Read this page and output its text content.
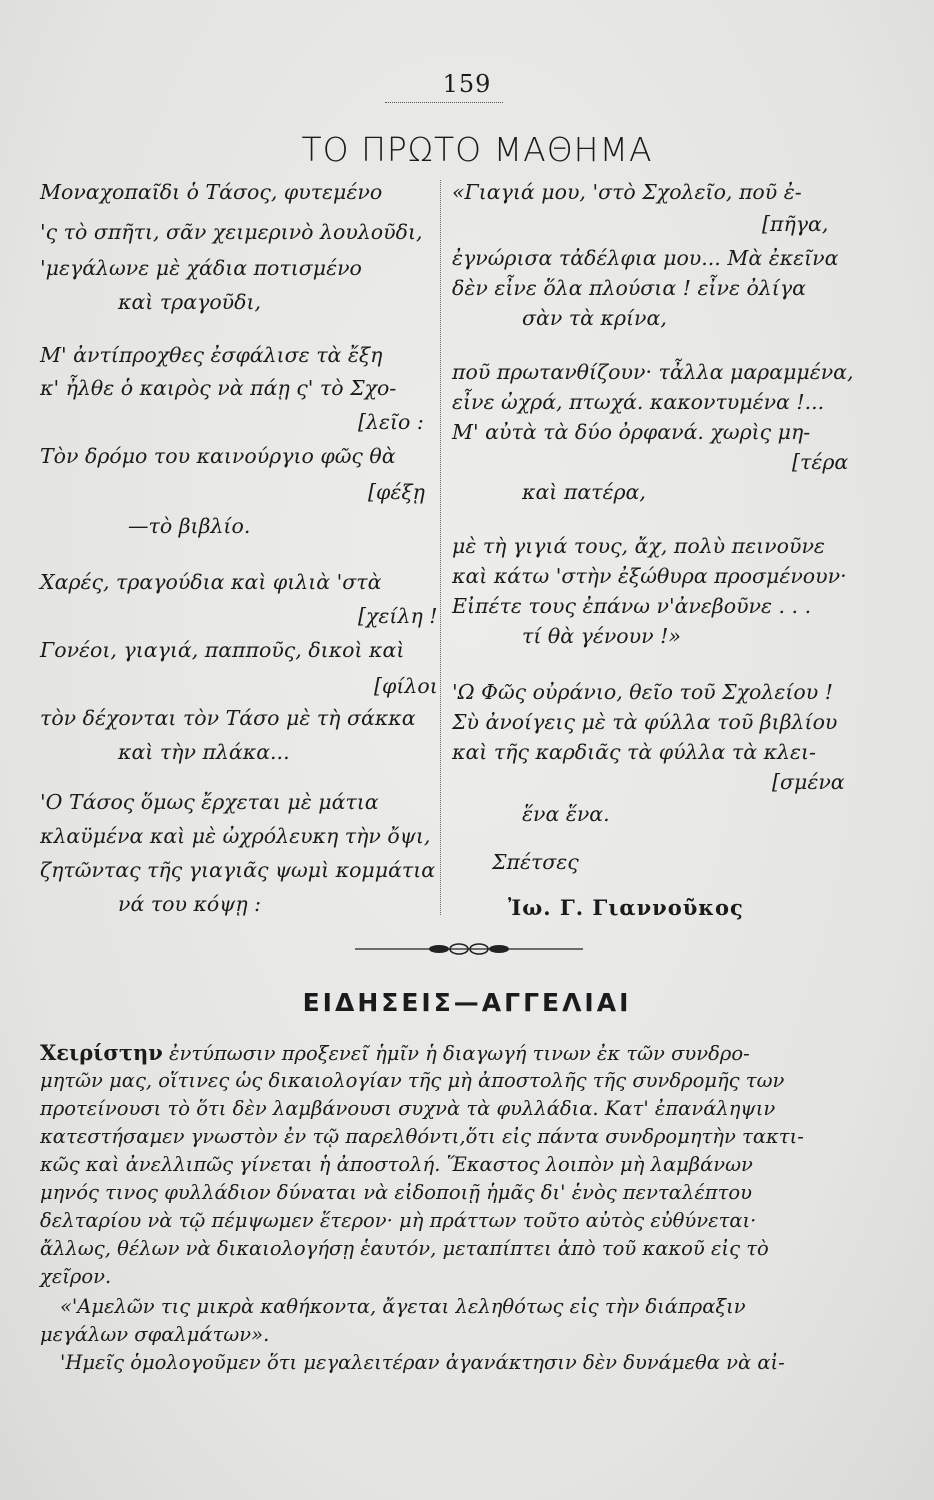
159
ΤΟ ΠΡΩΤΟ ΜΑΘΗΜΑ
Μοναχοπαῖδι ὁ Τάσος, φυτεμένο
'ς τὸ σπῆτι, σᾶν χειμερινὸ λουλοῦδι,
'μεγάλωνε μὲ χάδια ποτισμένο
καὶ τραγοῦδι,
Μ' ἀντίπροχθες ἐσφάλισε τὰ ἔξη
κ' ἦλθε ὁ καιρὸς νὰ πάῃ ς' τὸ Σχο-
[λεῖο :
Τὸν δρόμο του καινούργιο φῶς θὰ
[φέξῃ
—τὸ βιβλίο.
Χαρές, τραγούδια καὶ φιλιὰ 'στὰ
[χείλη !
Γονέοι, γιαγιά, παπποῦς, δικοὶ καὶ
[φίλοι
τὸν δέχονται τὸν Τάσο μὲ τὴ σάκκα
καὶ τὴν πλάκα...
'Ο Τάσος ὅμως ἔρχεται μὲ μάτια
κλαϋμένα καὶ μὲ ὠχρόλευκη τὴν ὄψι,
ζητῶντας τῆς γιαγιᾶς ψωμὶ κομμάτια
νά του κόψῃ :
«Γιαγιά μου, 'στὸ Σχολεῖο, ποῦ ἐ-
[πῆγα,
ἐγνώρισα τἀδέλφια μου... Μὰ ἐκεῖνα
δὲν εἶνε ὅλα πλούσια ! εἶνε ὀλίγα
σὰν τὰ κρίνα,
ποῦ πρωτανθίζουν· τἆλλα μαραμμένα,
εἶνε ὠχρά, πτωχά. κακοντυμένα !...
Μ' αὐτὰ τὰ δύο ὀρφανά. χωρὶς μη-
[τέρα
καὶ πατέρα,
μὲ τὴ γιγιά τους, ἄχ, πολὺ πεινοῦνε
καὶ κάτω 'στὴν ἐξώθυρα προσμένουν·
Εἰπέτε τους ἐπάνω ν'ἀνεβοῦνε . . .
τί θὰ γένουν !»
'Ω Φῶς οὐράνιο, θεῖο τοῦ Σχολείου !
Σὺ ἀνοίγεις μὲ τὰ φύλλα τοῦ βιβλίου
καὶ τῆς καρδιᾶς τὰ φύλλα τὰ κλει-
[σμένα
ἕνα ἕνα.
Σπέτσες
Ἰω. Γ. Γιαννοῦκος
ΕΙΔΗΣΕΙΣ—ΑΓΓΕΛΙΑΙ
Χειρίστην ἐντύπωσιν προξενεῖ ἡμῖν ἡ διαγωγή τινων ἐκ τῶν συνδρο-
μητῶν μας, οἵτινες ὡς δικαιολογίαν τῆς μὴ ἀποστολῆς τῆς συνδρομῆς των
προτείνουσι τὸ ὅτι δὲν λαμβάνουσι συχνὰ τὰ φυλλάδια. Κατ' ἐπανάληψιν
κατεστήσαμεν γνωστὸν ἐν τῷ παρελθόντι,ὅτι εἰς πάντα συνδρομητὴν τακτι-
κῶς καὶ ἀνελλιπῶς γίνεται ἡ ἀποστολή. Ἕκαστος λοιπὸν μὴ λαμβάνων
μηνός τινος φυλλάδιον δύναται νὰ εἰδοποιῇ ἡμᾶς δι' ἑνὸς πενταλέπτου
δελταρίου νὰ τῷ πέμψωμεν ἕτερον· μὴ πράττων τοῦτο αὐτὸς εὐθύνεται·
ἄλλως, θέλων νὰ δικαιολογήσῃ ἑαυτόν, μεταπίπτει ἀπὸ τοῦ κακοῦ εἰς τὸ
χεῖρον.
«'Αμελῶν τις μικρὰ καθήκοντα, ἄγεται λεληθότως εἰς τὴν διάπραξιν
μεγάλων σφαλμάτων».
'Ημεῖς ὁμολογοῦμεν ὅτι μεγαλειτέραν ἀγανάκτησιν δὲν δυνάμεθα νὰ αἰ-
